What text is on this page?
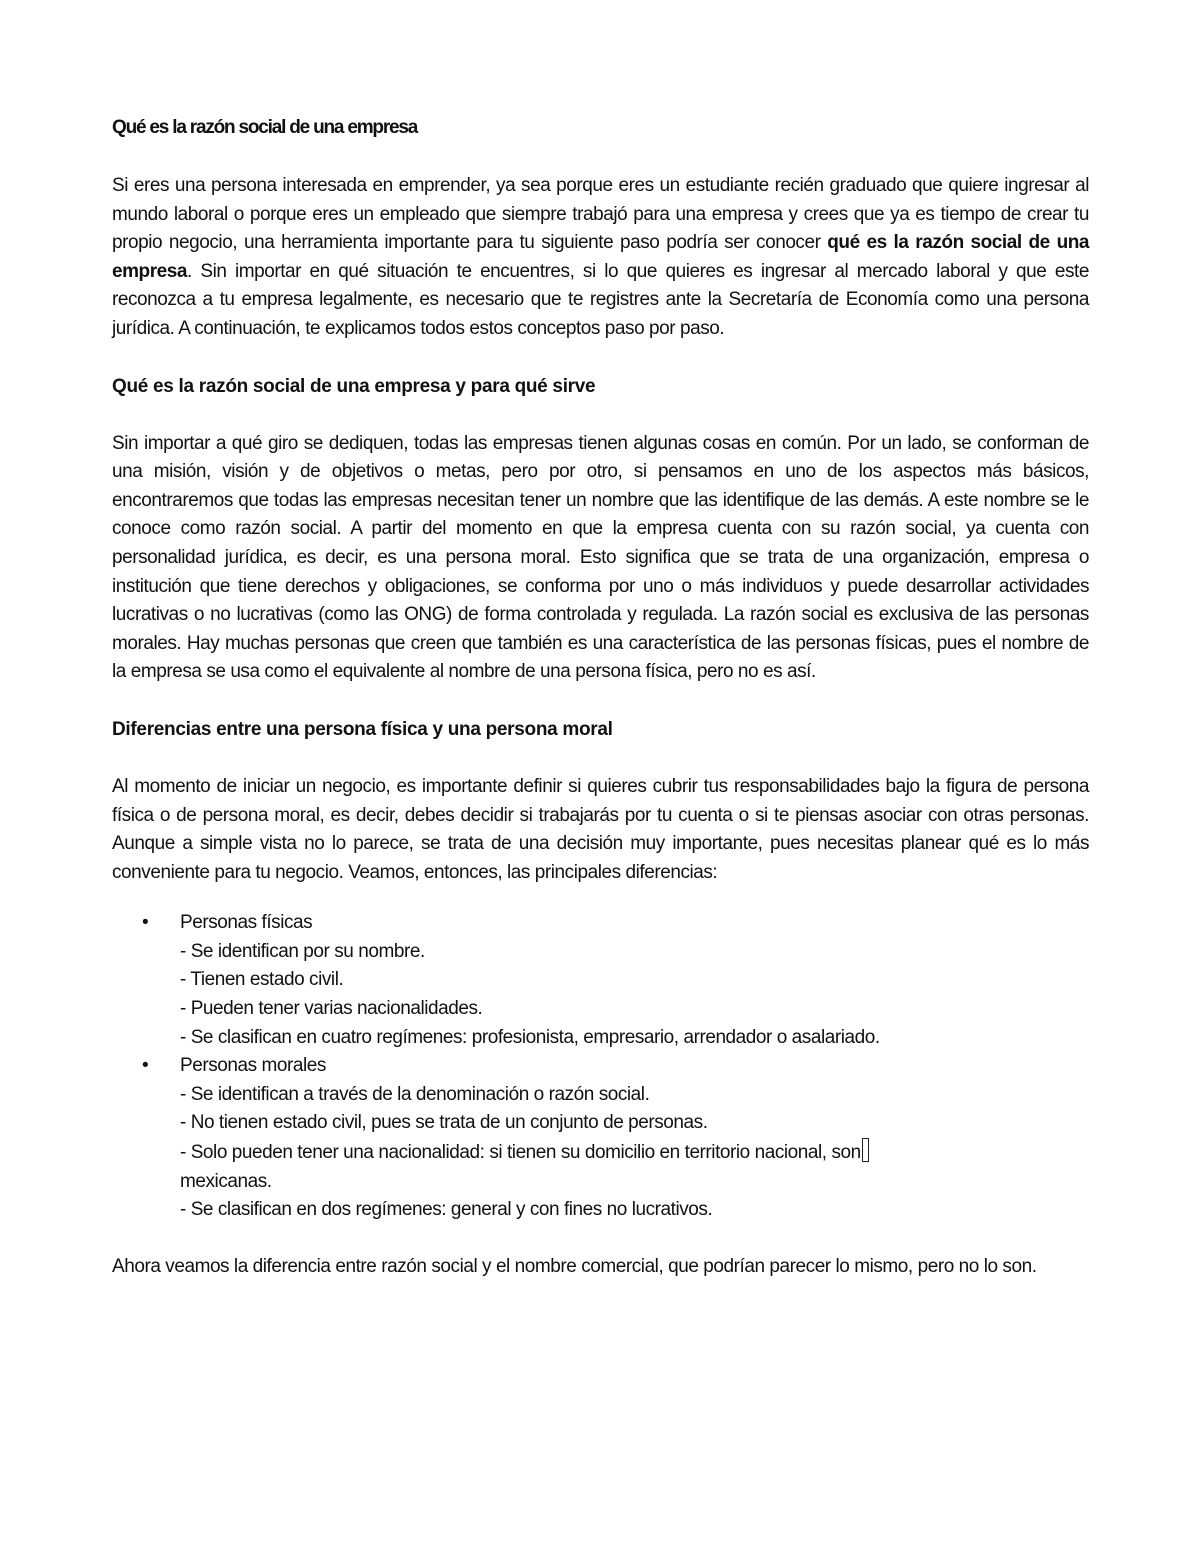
Qué es la razón social de una empresa

Si eres una persona interesada en emprender, ya sea porque eres un estudiante recién graduado que quiere ingresar al mundo laboral o porque eres un empleado que siempre trabajó para una empresa y crees que ya es tiempo de crear tu propio negocio, una herramienta importante para tu siguiente paso podría ser conocer qué es la razón social de una empresa. Sin importar en qué situación te encuentres, si lo que quieres es ingresar al mercado laboral y que este reconozca a tu empresa legalmente, es necesario que te registres ante la Secretaría de Economía como una persona jurídica. A continuación, te explicamos todos estos conceptos paso por paso.

Qué es la razón social de una empresa y para qué sirve

Sin importar a qué giro se dediquen, todas las empresas tienen algunas cosas en común. Por un lado, se conforman de una misión, visión y de objetivos o metas, pero por otro, si pensamos en uno de los aspectos más básicos, encontraremos que todas las empresas necesitan tener un nombre que las identifique de las demás. A este nombre se le conoce como razón social. A partir del momento en que la empresa cuenta con su razón social, ya cuenta con personalidad jurídica, es decir, es una persona moral. Esto significa que se trata de una organización, empresa o institución que tiene derechos y obligaciones, se conforma por uno o más individuos y puede desarrollar actividades lucrativas o no lucrativas (como las ONG) de forma controlada y regulada. La razón social es exclusiva de las personas morales. Hay muchas personas que creen que también es una característica de las personas físicas, pues el nombre de la empresa se usa como el equivalente al nombre de una persona física, pero no es así.

Diferencias entre una persona física y una persona moral

Al momento de iniciar un negocio, es importante definir si quieres cubrir tus responsabilidades bajo la figura de persona física o de persona moral, es decir, debes decidir si trabajarás por tu cuenta o si te piensas asociar con otras personas. Aunque a simple vista no lo parece, se trata de una decisión muy importante, pues necesitas planear qué es lo más conveniente para tu negocio. Veamos, entonces, las principales diferencias:

• Personas físicas
- Se identifican por su nombre.
- Tienen estado civil.
- Pueden tener varias nacionalidades.
- Se clasifican en cuatro regímenes: profesionista, empresario, arrendador o asalariado.
• Personas morales
- Se identifican a través de la denominación o razón social.
- No tienen estado civil, pues se trata de un conjunto de personas.
- Solo pueden tener una nacionalidad: si tienen su domicilio en territorio nacional, son
mexicanas.
- Se clasifican en dos regímenes: general y con fines no lucrativos.

Ahora veamos la diferencia entre razón social y el nombre comercial, que podrían parecer lo mismo, pero no lo son.
